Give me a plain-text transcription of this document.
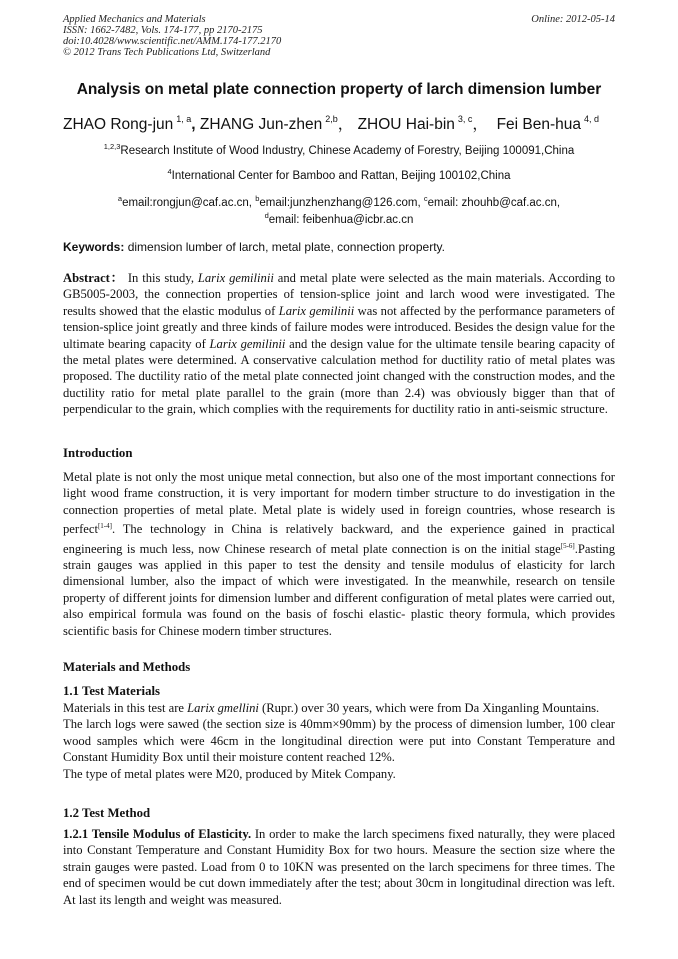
Applied Mechanics and Materials
ISSN: 1662-7482, Vols. 174-177, pp 2170-2175
doi:10.4028/www.scientific.net/AMM.174-177.2170
© 2012 Trans Tech Publications Ltd, Switzerland
Online: 2012-05-14
Analysis on metal plate connection property of larch dimension lumber
ZHAO Rong-jun $^{1, a}$, ZHANG Jun-zhen $^{2,b}$， ZHOU Hai-bin $^{3, c}$， Fei Ben-hua $^{4, d}$
$^{1,2,3}$Research Institute of Wood Industry, Chinese Academy of Forestry, Beijing 100091,China
$^4$International Center for Bamboo and Rattan, Beijing 100102,China
$^a$email:rongjun@caf.ac.cn, $^b$email:junzhenzhang@126.com, $^c$email: zhouhb@caf.ac.cn,
$^d$email: feibenhua@icbr.ac.cn
Keywords: dimension lumber of larch, metal plate, connection property.

Abstract： In this study, Larix gemilinii and metal plate were selected as the main materials. According to GB5005-2003, the connection properties of tension-splice joint and larch wood were investigated. The results showed that the elastic modulus of Larix gemilinii was not affected by the performance parameters of tension-splice joint greatly and three kinds of failure modes were introduced. Besides the design value for the ultimate bearing capacity of Larix gemilinii and the design value for the ultimate tensile bearing capacity of the metal plates were determined. A conservative calculation method for ductility ratio of metal plates was proposed. The ductility ratio of the metal plate connected joint changed with the construction modes, and the ductility ratio for metal plate parallel to the grain (more than 2.4) was obviously bigger than that of perpendicular to the grain, which complies with the requirements for ductility ratio in anti-seismic structure.

Introduction

Metal plate is not only the most unique metal connection, but also one of the most important connections for light wood frame construction, it is very important for modern timber structure to do investigation in the connection properties of metal plate. Metal plate is widely used in foreign countries, whose research is perfect[1-4]. The technology in China is relatively backward, and the experience gained in practical engineering is much less, now Chinese research of metal plate connection is on the initial stage[5-6].Pasting strain gauges was applied in this paper to test the density and tensile modulus of elasticity for larch dimensional lumber, also the impact of which were investigated. In the meanwhile, research on tensile property of different joints for dimension lumber and different configuration of metal plates were carried out, also empirical formula was found on the basis of foschi elastic- plastic theory formula, which provides scientific basis for Chinese modern timber structures.

Materials and Methods
1.1 Test Materials

Materials in this test are Larix gmellini (Rupr.) over 30 years, which were from Da Xinganling Mountains.

The larch logs were sawed (the section size is 40mm×90mm) by the process of dimension lumber, 100 clear wood samples which were 46cm in the longitudinal direction were put into Constant Temperature and Constant Humidity Box until their moisture content reached 12%.

The type of metal plates were M20, produced by Mitek Company.

1.2 Test Method

1.2.1 Tensile Modulus of Elasticity. In order to make the larch specimens fixed naturally, they were placed into Constant Temperature and Constant Humidity Box for two hours. Measure the section size where the strain gauges were pasted. Load from 0 to 10KN was presented on the larch specimens for three times. The end of specimen would be cut down immediately after the test; about 30cm in longitudinal direction was left. At last its length and weight was measured.
